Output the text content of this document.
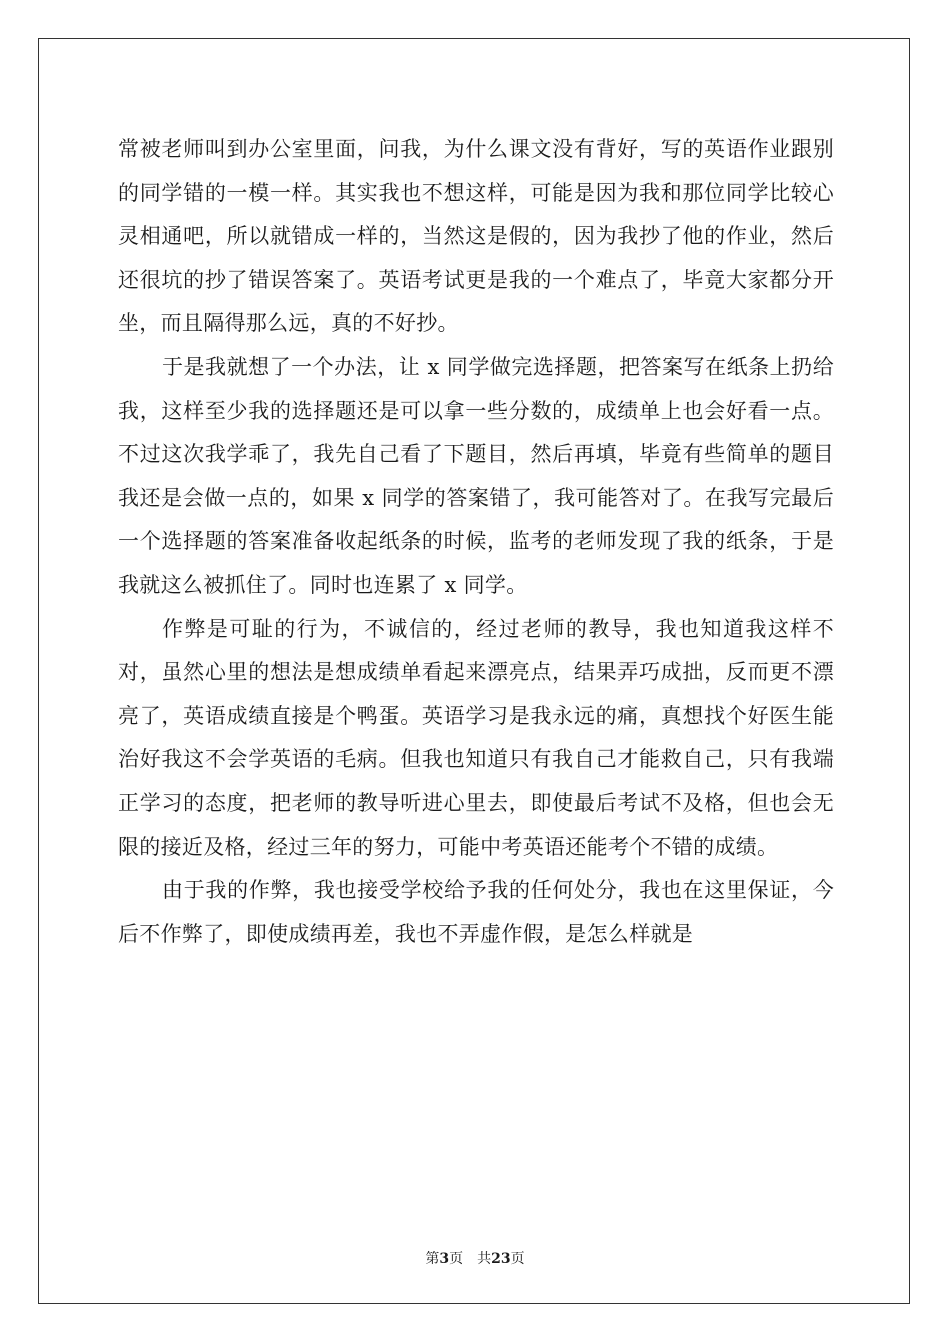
常被老师叫到办公室里面，问我，为什么课文没有背好，写的英语作业跟别的同学错的一模一样。其实我也不想这样，可能是因为我和那位同学比较心灵相通吧，所以就错成一样的，当然这是假的，因为我抄了他的作业，然后还很坑的抄了错误答案了。英语考试更是我的一个难点了，毕竟大家都分开坐，而且隔得那么远，真的不好抄。

于是我就想了一个办法，让 x 同学做完选择题，把答案写在纸条上扔给我，这样至少我的选择题还是可以拿一些分数的，成绩单上也会好看一点。不过这次我学乖了，我先自己看了下题目，然后再填，毕竟有些简单的题目我还是会做一点的，如果 x 同学的答案错了，我可能答对了。在我写完最后一个选择题的答案准备收起纸条的时候，监考的老师发现了我的纸条，于是我就这么被抓住了。同时也连累了 x 同学。

作弊是可耻的行为，不诚信的，经过老师的教导，我也知道我这样不对，虽然心里的想法是想成绩单看起来漂亮点，结果弄巧成拙，反而更不漂亮了，英语成绩直接是个鸭蛋。英语学习是我永远的痛，真想找个好医生能治好我这不会学英语的毛病。但我也知道只有我自己才能救自己，只有我端正学习的态度，把老师的教导听进心里去，即使最后考试不及格，但也会无限的接近及格，经过三年的努力，可能中考英语还能考个不错的成绩。

由于我的作弊，我也接受学校给予我的任何处分，我也在这里保证，今后不作弊了，即使成绩再差，我也不弄虚作假，是怎么样就是

第3页 共23页
